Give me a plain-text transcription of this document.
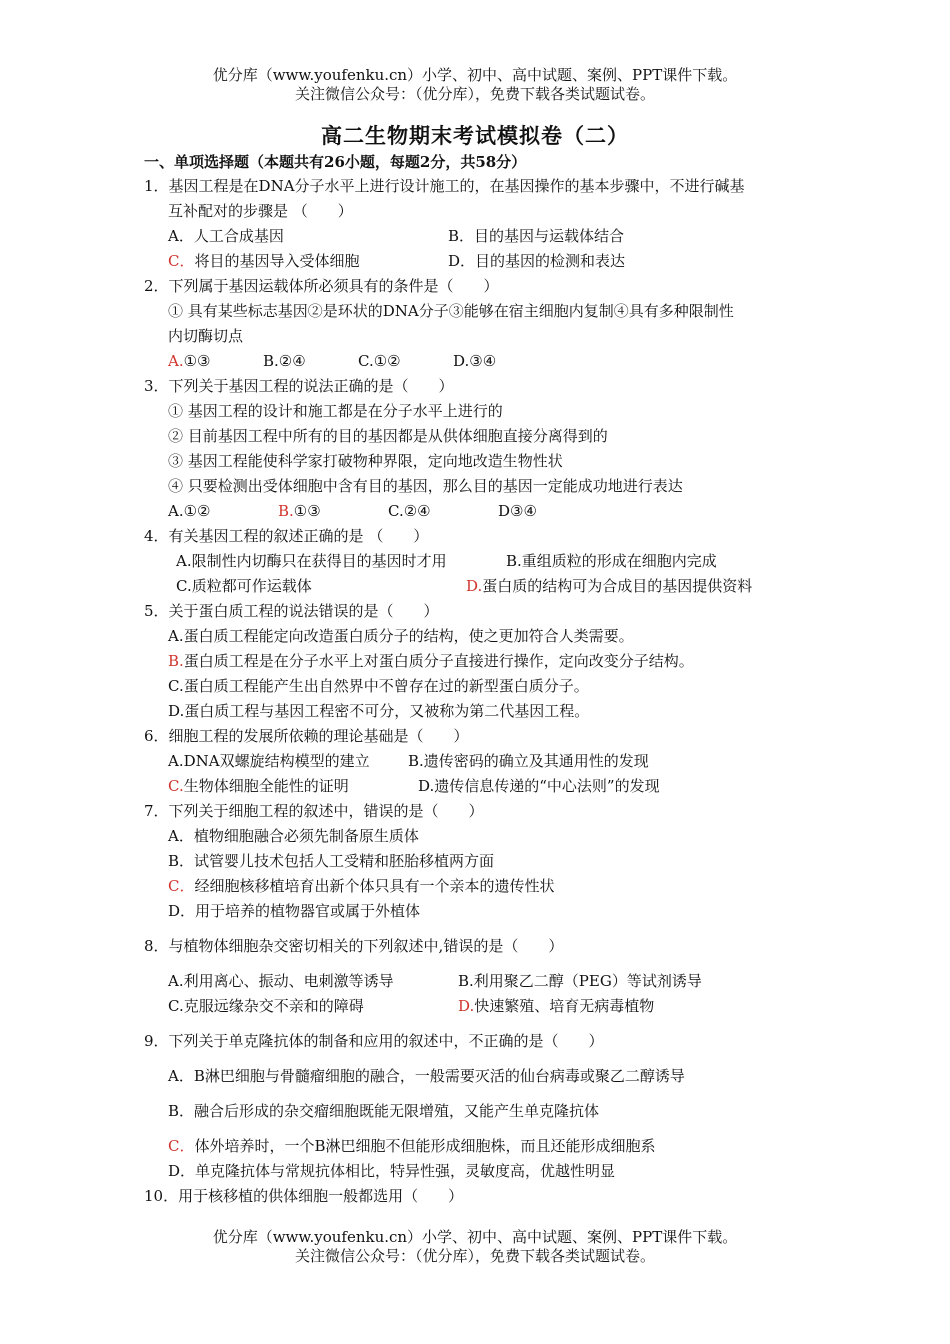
优分库（www.youfenku.cn）小学、初中、高中试题、案例、PPT课件下载。
关注微信公众号：（优分库），免费下载各类试题试卷。
高二生物期末考试模拟卷（二）
一、单项选择题（本题共有26小题，每题2分，共58分）
1．基因工程是在DNA分子水平上进行设计施工的，在基因操作的基本步骤中，不进行碱基
互补配对的步骤是 （　　）
A．人工合成基因	B．目的基因与运载体结合
C．将目的基因导入受体细胞	D．目的基因的检测和表达
2．下列属于基因运载体所必须具有的条件是（　　）
① 具有某些标志基因②是环状的DNA分子③能够在宿主细胞内复制④具有多种限制性
内切酶切点
A.①③	B.②④	C.①②	D.③④
3．下列关于基因工程的说法正确的是（　　）
① 基因工程的设计和施工都是在分子水平上进行的
② 目前基因工程中所有的目的基因都是从供体细胞直接分离得到的
③ 基因工程能使科学家打破物种界限，定向地改造生物性状
④ 只要检测出受体细胞中含有目的基因，那么目的基因一定能成功地进行表达
A.①②	B.①③	C.②④	D③④
4．有关基因工程的叙述正确的是 （　　）
A.限制性内切酶只在获得目的基因时才用	B.重组质粒的形成在细胞内完成
C.质粒都可作运载体	D.蛋白质的结构可为合成目的基因提供资料
5．关于蛋白质工程的说法错误的是（　　）
A.蛋白质工程能定向改造蛋白质分子的结构，使之更加符合人类需要。
B.蛋白质工程是在分子水平上对蛋白质分子直接进行操作，定向改变分子结构。
C.蛋白质工程能产生出自然界中不曾存在过的新型蛋白质分子。
D.蛋白质工程与基因工程密不可分，又被称为第二代基因工程。
6．细胞工程的发展所依赖的理论基础是（　　）
A.DNA双螺旋结构模型的建立	B.遗传密码的确立及其通用性的发现
C.生物体细胞全能性的证明	D.遗传信息传递的“中心法则”的发现
7．下列关于细胞工程的叙述中，错误的是（　　）
A．植物细胞融合必须先制备原生质体
B．试管婴儿技术包括人工受精和胚胎移植两方面
C．经细胞核移植培育出新个体只具有一个亲本的遗传性状
D．用于培养的植物器官或属于外植体
8．与植物体细胞杂交密切相关的下列叙述中,错误的是（　　）
A.利用离心、振动、电刺激等诱导	B.利用聚乙二醇（PEG）等试剂诱导
C.克服远缘杂交不亲和的障碍	D.快速繁殖、培育无病毒植物
9．下列关于单克隆抗体的制备和应用的叙述中，不正确的是（　　）
A．B淋巴细胞与骨髓瘤细胞的融合，一般需要灭活的仙台病毒或聚乙二醇诱导
B．融合后形成的杂交瘤细胞既能无限增殖，又能产生单克隆抗体
C．体外培养时，一个B淋巴细胞不但能形成细胞株，而且还能形成细胞系
D．单克隆抗体与常规抗体相比，特异性强，灵敏度高，优越性明显
10．用于核移植的供体细胞一般都选用（　　）
优分库（www.youfenku.cn）小学、初中、高中试题、案例、PPT课件下载。
关注微信公众号：（优分库），免费下载各类试题试卷。
